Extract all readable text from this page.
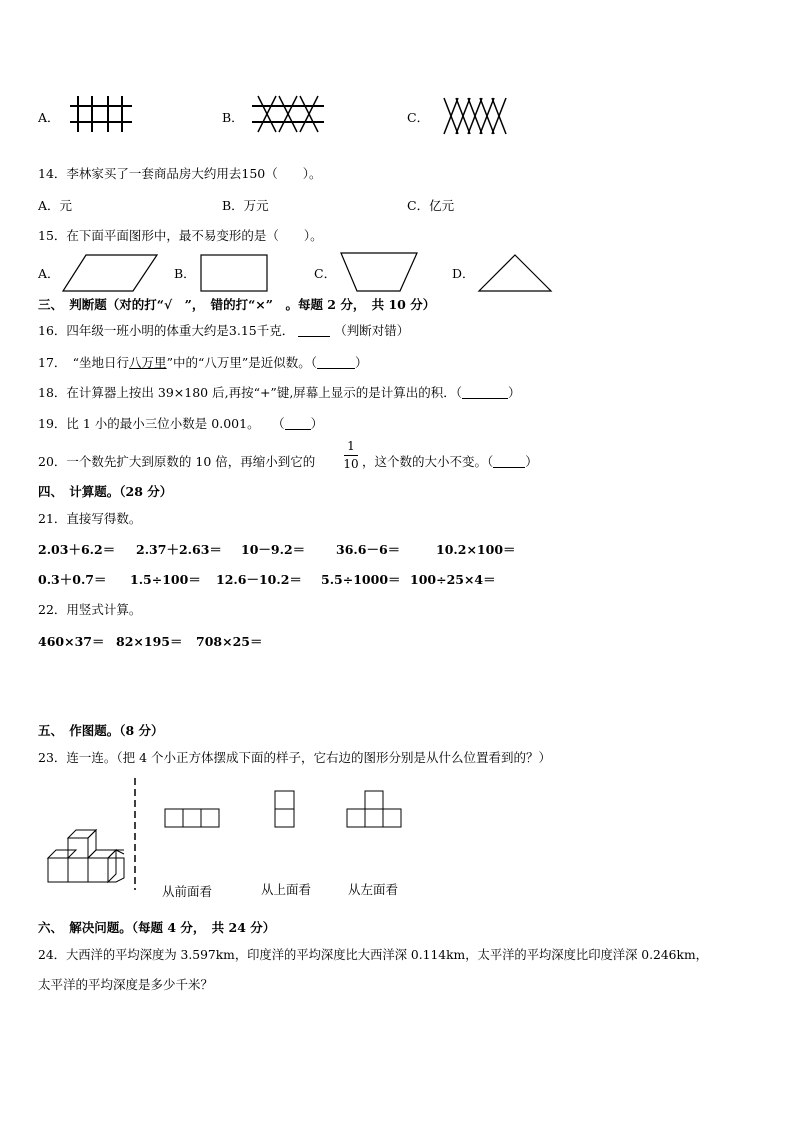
A．	B．	C．
14．李林家买了一套商品房大约用去150（　　）。
A．元	B．万元	C．亿元
15．在下面平面图形中，最不易变形的是（　　）。
A．	B．	C．	D．
三、　判断题（对的打“√　”，　错的打“×”　。每题 2 分，　共 10 分）
16．四年级一班小明的体重大约是3.15千克．	（判断对错）
17．　“坐地日行八万里”中的“八万里”是近似数。（	）
18．在计算器上按出 39×180 后,再按“+”键,屏幕上显示的是计算出的积．（	）
19．比 1 小的最小三位小数是 0.001。　　（ ）
20．一个数先扩大到原数的 10 倍，再缩小到它的
1
10 ，这个数的大小不变。（	）
四、　计算题。（28 分）
21．直接写得数。
2.03＋6.2＝ 2.37＋2.63＝ 10－9.2＝ 36.6－6＝	10.2×100＝
0.3＋0.7＝ 1.5÷100＝ 12.6－10.2＝ 5.5÷1000＝ 100÷25×4＝
22．用竖式计算。
460×37＝ 82×195＝ 708×25＝
五、　作图题。（8 分）
23．连一连。（把 4 个小正方体摆成下面的样子，它右边的图形分别是从什么位置看到的？）
从前面看	从上面看	从左面看
六、　解决问题。（每题 4 分，　共 24 分）
24．大西洋的平均深度为 3.597km，印度洋的平均深度比大西洋深 0.114km，太平洋的平均深度比印度洋深 0.246km，
太平洋的平均深度是多少千米？
